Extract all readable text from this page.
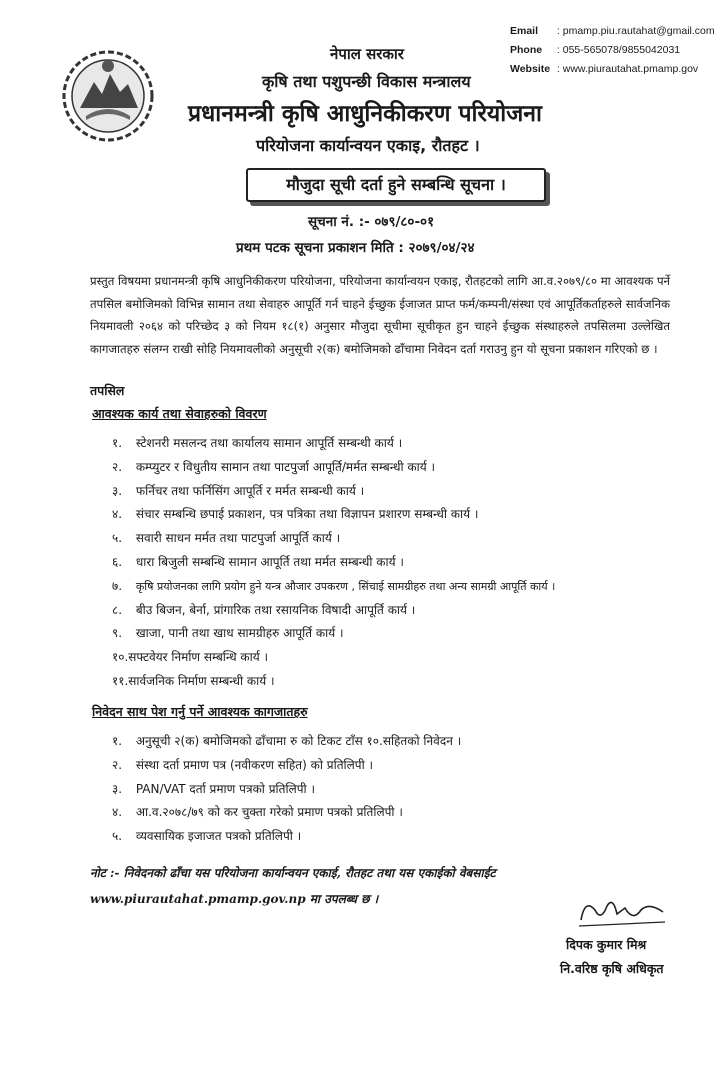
Email : pmamp.piu.rautahat@gmail.com
Phone : 055-565078/9855042031
Website : www.piurautahat.pmamp.gov
नेपाल सरकार
कृषि तथा पशुपन्छी विकास मन्त्रालय
प्रधानमन्त्री कृषि आधुनिकीकरण परियोजना
परियोजना कार्यान्वयन एकाइ, रौतहट ।
मौजुदा सूची दर्ता हुने सम्बन्धि सूचना ।
सूचना नं. :- ०७९/८०-०१
प्रथम पटक सूचना प्रकाशन मिति : २०७९/०४/२४
प्रस्तुत विषयमा प्रधानमन्त्री कृषि आधुनिकीकरण परियोजना, परियोजना कार्यान्वयन एकाइ, रौतहटको लागि आ.व.२०७९/८० मा आवश्यक पर्ने तपसिल बमोजिमको विभिन्न सामान तथा सेवाहरु आपूर्ति गर्न चाहने ईच्छुक ईजाजत प्राप्त फर्म/कम्पनी/संस्था एवं आपूर्तिकर्ताहरुले सार्वजनिक नियमावली २०६४ को परिच्छेद ३ को नियम १८(१) अनुसार मौजुदा सूचीमा सूचीकृत हुन चाहने ईच्छुक संस्थाहरुले तपसिलमा उल्लेखित कागजातहरु संलग्न राखी सोहि नियमावलीको अनुसूची २(क) बमोजिमको ढाँचामा निवेदन दर्ता गराउनु हुन यो सूचना प्रकाशन गरिएको छ ।
तपसिल
आवश्यक कार्य तथा सेवाहरुको विवरण
१. स्टेशनरी मसलन्द तथा कार्यालय सामान आपूर्ति सम्बन्धी कार्य ।
२. कम्प्युटर र विधुतीय सामान तथा पाटपुर्जा आपूर्ति/मर्मत सम्बन्धी कार्य ।
३. फर्निचर तथा फर्निसिंग आपूर्ति र मर्मत सम्बन्धी कार्य ।
४. संचार सम्बन्धि छपाई प्रकाशन, पत्र पत्रिका तथा विज्ञापन प्रशारण सम्बन्धी कार्य ।
५. सवारी साधन मर्मत तथा पाटपुर्जा आपूर्ति कार्य ।
६. धारा बिजुली सम्बन्धि सामान आपूर्ति तथा मर्मत सम्बन्धी कार्य ।
७. कृषि प्रयोजनका लागि प्रयोग हुने यन्त्र औजार उपकरण , सिंचाई सामग्रीहरु तथा अन्य सामग्री आपूर्ति कार्य ।
८. बीउ बिजन, बेर्ना, प्रांगारिक तथा रसायनिक विषादी आपूर्ति कार्य ।
९. खाजा, पानी तथा खाध सामग्रीहरु आपूर्ति कार्य ।
१०.सफ्टवेयर निर्माण सम्बन्धि कार्य ।
११.सार्वजनिक निर्माण सम्बन्धी कार्य ।
निवेदन साथ पेश गर्नु पर्ने आवश्यक कागजातहरु
१. अनुसूची २(क) बमोजिमको ढाँचामा रु को टिकट टाँस १०.सहितको निवेदन ।
२. संस्था दर्ता प्रमाण पत्र (नवीकरण सहित) को प्रतिलिपी ।
३. PAN/VAT दर्ता प्रमाण पत्रको प्रतिलिपी ।
४. आ.व.२०७८/७९ को कर चुक्ता गरेको प्रमाण पत्रको प्रतिलिपी ।
५. व्यवसायिक इजाजत पत्रको प्रतिलिपी ।
नोट :- निवेदनको ढाँचा यस परियोजना कार्यान्वयन एकाई, रौतहट तथा यस एकाईको वेबसाईट www.piurautahat.pmamp.gov.np मा उपलब्ध छ ।
दिपक कुमार मिश्र
नि.वरिष्ठ कृषि अधिकृत
